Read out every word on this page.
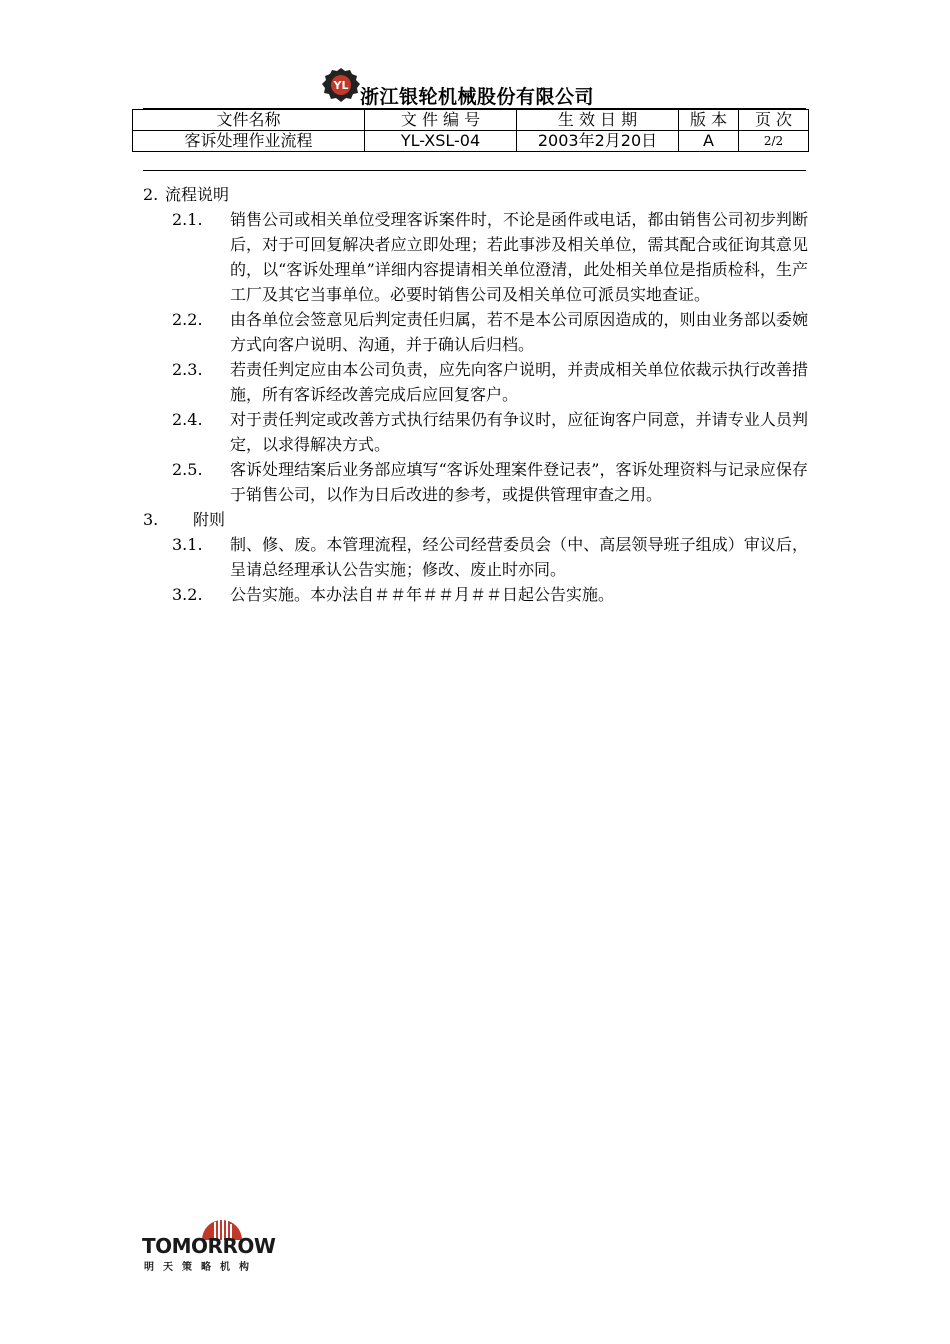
YL
浙江银轮机械股份有限公司
文件名称	文 件 编 号	生 效 日 期	版 本	页 次
客诉处理作业流程	YL-XSL-04	2003年2月20日	A	2/2
2. 流程说明
2.1. 销售公司或相关单位受理客诉案件时，不论是函件或电话，都由销售公司初步判断后，对于可回复解决者应立即处理；若此事涉及相关单位，需其配合或征询其意见的，以“客诉处理单”详细内容提请相关单位澄清，此处相关单位是指质检科，生产工厂及其它当事单位。必要时销售公司及相关单位可派员实地查证。
2.2. 由各单位会签意见后判定责任归属，若不是本公司原因造成的，则由业务部以委婉方式向客户说明、沟通，并于确认后归档。
2.3. 若责任判定应由本公司负责，应先向客户说明，并责成相关单位依裁示执行改善措施，所有客诉经改善完成后应回复客户。
2.4. 对于责任判定或改善方式执行结果仍有争议时，应征询客户同意，并请专业人员判定，以求得解决方式。
2.5. 客诉处理结案后业务部应填写“客诉处理案件登记表”，客诉处理资料与记录应保存于销售公司，以作为日后改进的参考，或提供管理审查之用。
3. 附则
3.1. 制、修、废。本管理流程，经公司经营委员会（中、高层领导班子组成）审议后，呈请总经理承认公告实施；修改、废止时亦同。
3.2. 公告实施。本办法自＃＃年＃＃月＃＃日起公告实施。
TOMORROW
明天策略机构
